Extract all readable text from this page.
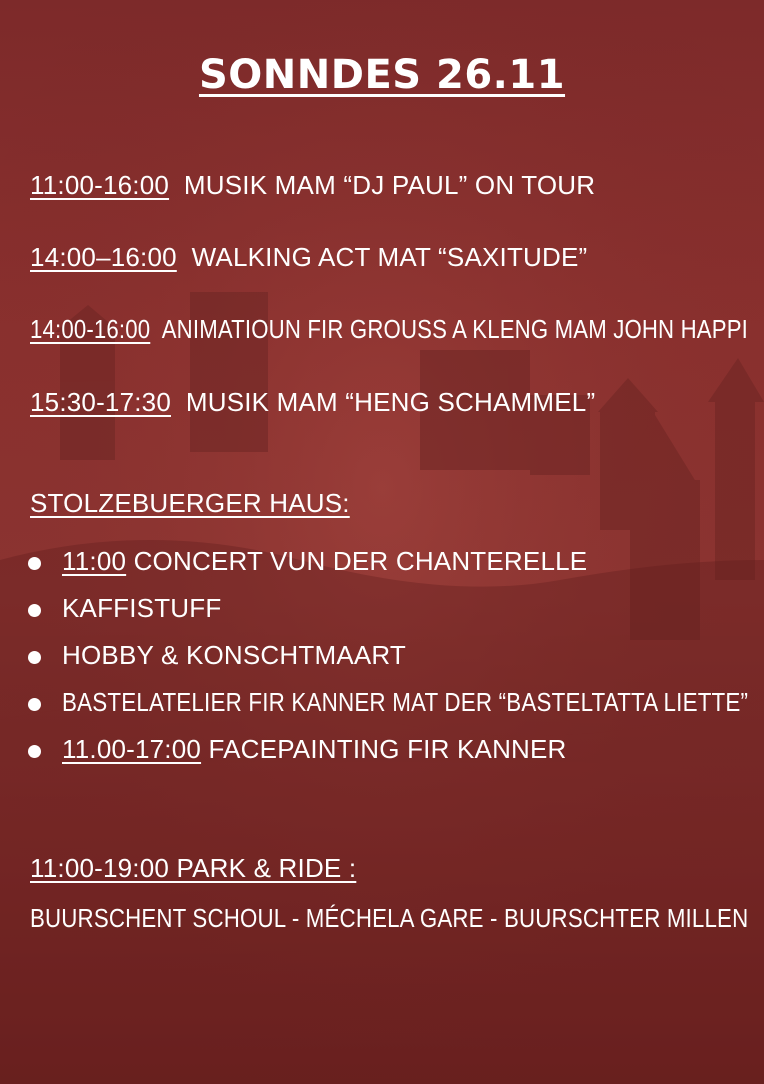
SONNDES 26.11
11:00-16:00 MUSIK MAM “DJ PAUL” ON TOUR
14:00–16:00 WALKING ACT MAT “SAXITUDE”
14:00-16:00 ANIMATIOUN FIR GROUSS A KLENG MAM JOHN HAPPI
15:30-17:30 MUSIK MAM “HENG SCHAMMEL”
STOLZEBUERGER HAUS:
11:00 CONCERT VUN DER CHANTERELLE
KAFFISTUFF
HOBBY & KONSCHTMAART
BASTELATELIER FIR KANNER MAT DER “BASTELTATTA LIETTE”
11.00-17:00 FACEPAINTING FIR KANNER
11:00-19:00 PARK & RIDE :
BUURSCHENT SCHOUL - MÉCHELA GARE - BUURSCHTER MILLEN
